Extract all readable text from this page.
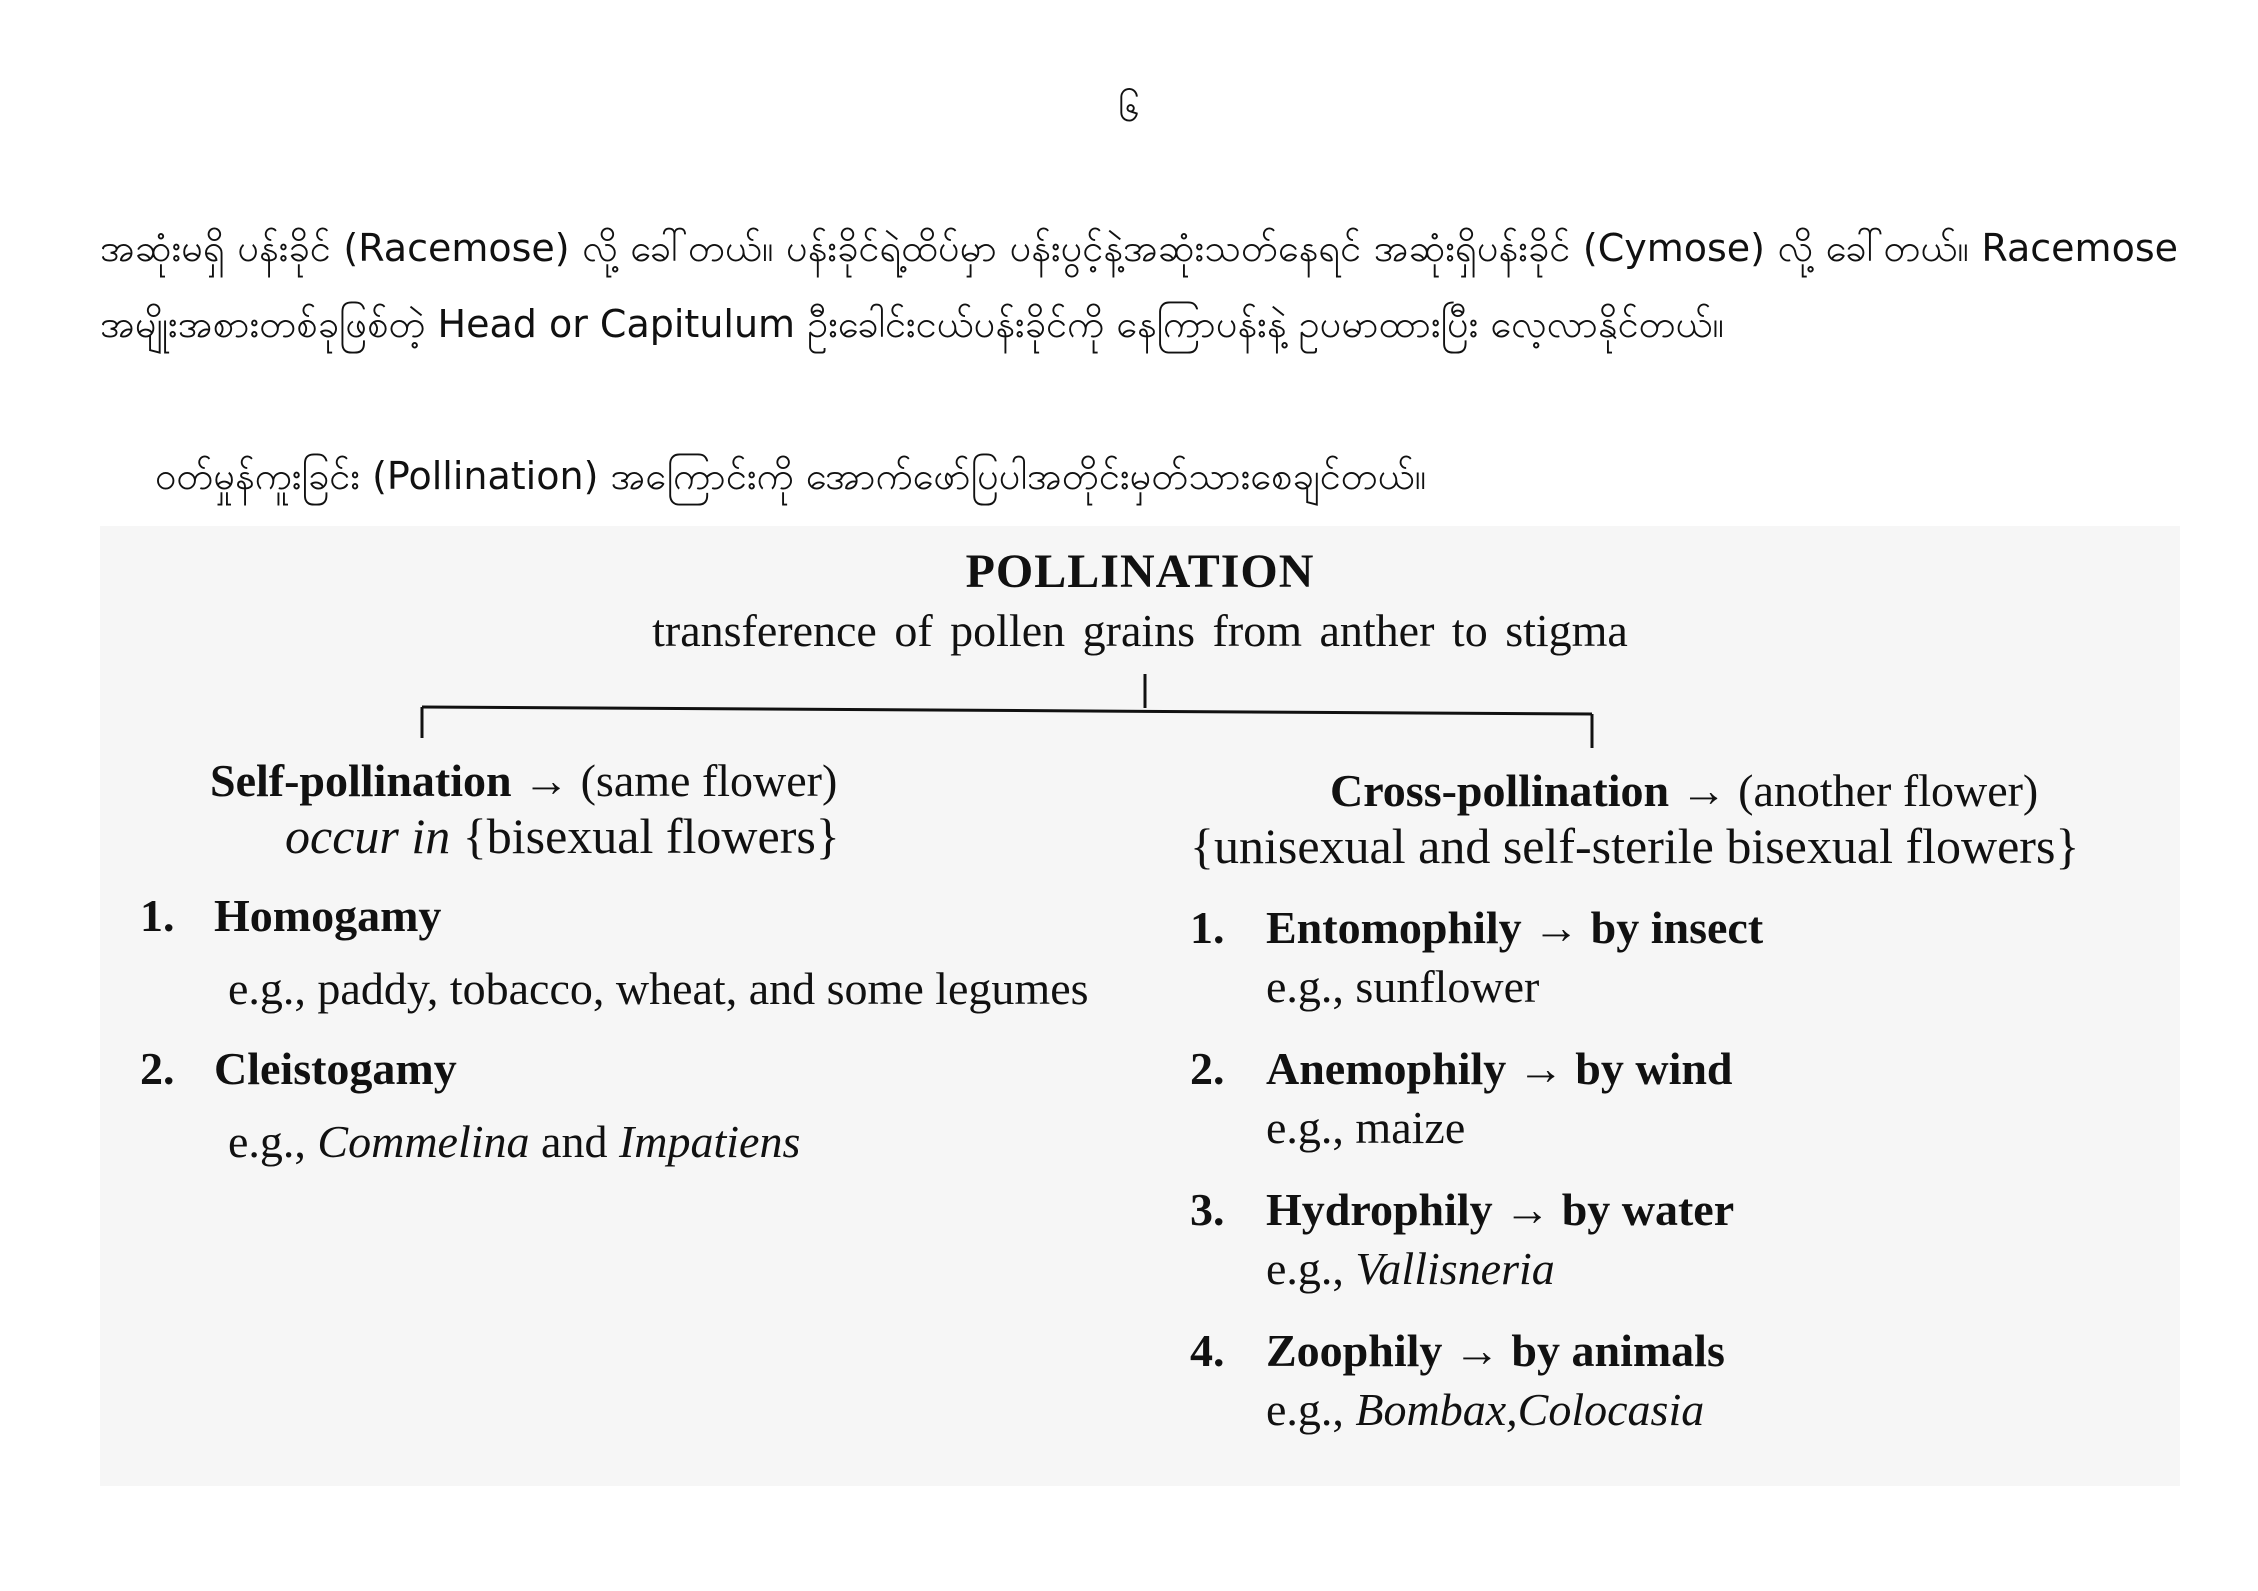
၆

အဆုံးမရှိ ပန်းခိုင် (Racemose) လို့ ခေါ်တယ်။ ပန်းခိုင်ရဲ့ထိပ်မှာ ပန်းပွင့်နဲ့အဆုံးသတ်နေရင် အဆုံးရှိပန်းခိုင် (Cymose) လို့ ခေါ်တယ်။ Racemose အမျိုးအစားတစ်ခုဖြစ်တဲ့ Head or Capitulum ဦးခေါင်းငယ်ပန်းခိုင်ကို နေကြာပန်းနဲ့ ဥပမာထားပြီး လေ့လာနိုင်တယ်။

ဝတ်မှုန်ကူးခြင်း (Pollination) အကြောင်းကို အောက်ဖော်ပြပါအတိုင်းမှတ်သားစေချင်တယ်။

POLLINATION
transference of pollen grains from anther to stigma
Self-pollination → (same flower)
occur in {bisexual flowers}
1. Homogamy
e.g., paddy, tobacco, wheat, and some legumes
2. Cleistogamy
e.g., Commelina and Impatiens
Cross-pollination → (another flower)
{unisexual and self-sterile bisexual flowers}
1. Entomophily → by insect
e.g., sunflower
2. Anemophily → by wind
e.g., maize
3. Hydrophily → by water
e.g., Vallisneria
4. Zoophily → by animals
e.g., Bombax,Colocasia
